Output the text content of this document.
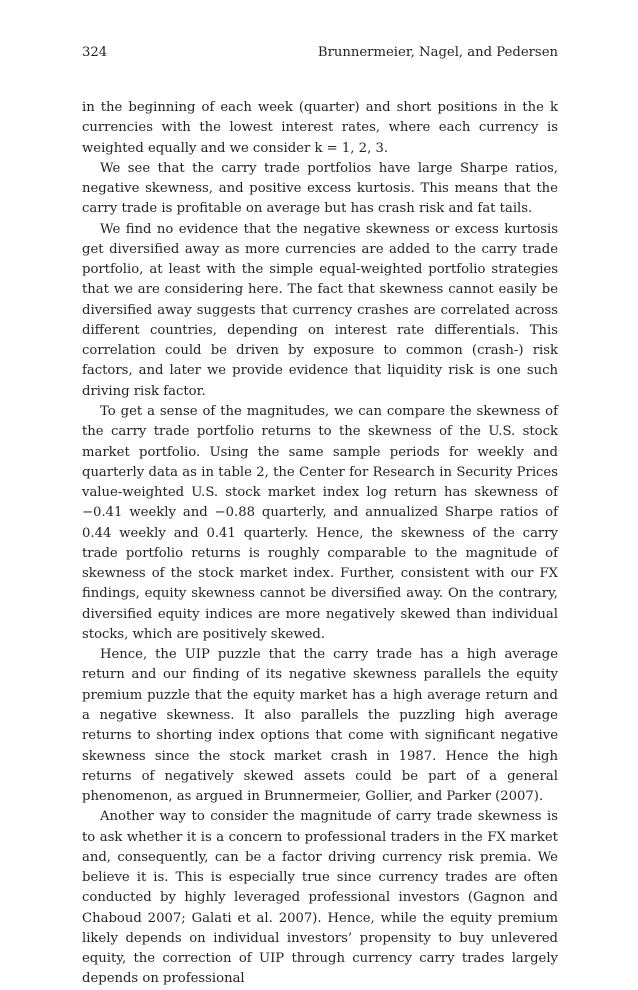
324	Brunnermeier, Nagel, and Pedersen

in the beginning of each week (quarter) and short positions in the k currencies with the lowest interest rates, where each currency is weighted equally and we consider k = 1, 2, 3.

We see that the carry trade portfolios have large Sharpe ratios, negative skewness, and positive excess kurtosis. This means that the carry trade is profitable on average but has crash risk and fat tails.

We find no evidence that the negative skewness or excess kurtosis get diversified away as more currencies are added to the carry trade portfolio, at least with the simple equal-weighted portfolio strategies that we are considering here. The fact that skewness cannot easily be diversified away suggests that currency crashes are correlated across different countries, depending on interest rate differentials. This correlation could be driven by exposure to common (crash-) risk factors, and later we provide evidence that liquidity risk is one such driving risk factor.

To get a sense of the magnitudes, we can compare the skewness of the carry trade portfolio returns to the skewness of the U.S. stock market portfolio. Using the same sample periods for weekly and quarterly data as in table 2, the Center for Research in Security Prices value-weighted U.S. stock market index log return has skewness of −0.41 weekly and −0.88 quarterly, and annualized Sharpe ratios of 0.44 weekly and 0.41 quarterly. Hence, the skewness of the carry trade portfolio returns is roughly comparable to the magnitude of skewness of the stock market index. Further, consistent with our FX findings, equity skewness cannot be diversified away. On the contrary, diversified equity indices are more negatively skewed than individual stocks, which are positively skewed.

Hence, the UIP puzzle that the carry trade has a high average return and our finding of its negative skewness parallels the equity premium puzzle that the equity market has a high average return and a negative skewness. It also parallels the puzzling high average returns to shorting index options that come with significant negative skewness since the stock market crash in 1987. Hence the high returns of negatively skewed assets could be part of a general phenomenon, as argued in Brunnermeier, Gollier, and Parker (2007).

Another way to consider the magnitude of carry trade skewness is to ask whether it is a concern to professional traders in the FX market and, consequently, can be a factor driving currency risk premia. We believe it is. This is especially true since currency trades are often conducted by highly leveraged professional investors (Gagnon and Chaboud 2007; Galati et al. 2007). Hence, while the equity premium likely depends on individual investors’ propensity to buy unlevered equity, the correction of UIP through currency carry trades largely depends on professional
